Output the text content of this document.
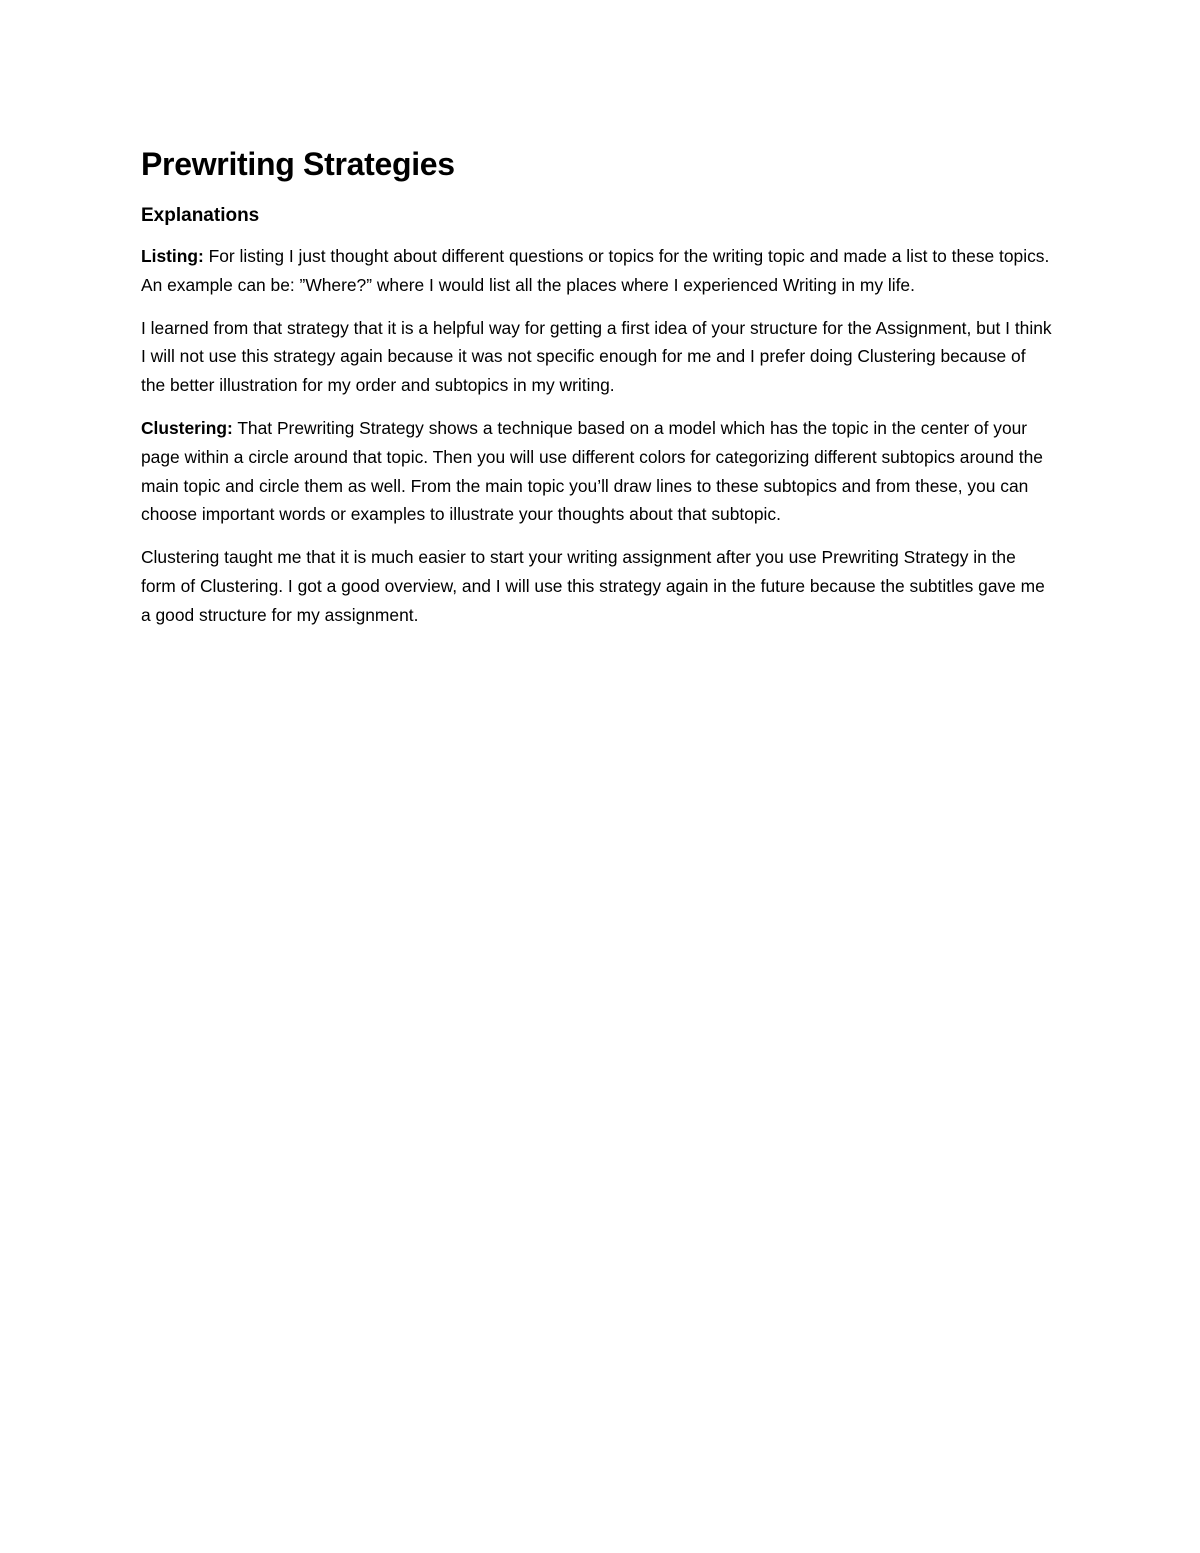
Prewriting Strategies
Explanations

Listing: For listing I just thought about different questions or topics for the writing topic and made a list to these topics. An example can be: ”Where?” where I would list all the places where I experienced Writing in my life.

I learned from that strategy that it is a helpful way for getting a first idea of your structure for the Assignment, but I think I will not use this strategy again because it was not specific enough for me and I prefer doing Clustering because of the better illustration for my order and subtopics in my writing.

Clustering: That Prewriting Strategy shows a technique based on a model which has the topic in the center of your page within a circle around that topic. Then you will use different colors for categorizing different subtopics around the main topic and circle them as well. From the main topic you’ll draw lines to these subtopics and from these, you can choose important words or examples to illustrate your thoughts about that subtopic.

Clustering taught me that it is much easier to start your writing assignment after you use Prewriting Strategy in the form of Clustering. I got a good overview, and I will use this strategy again in the future because the subtitles gave me a good structure for my assignment.
